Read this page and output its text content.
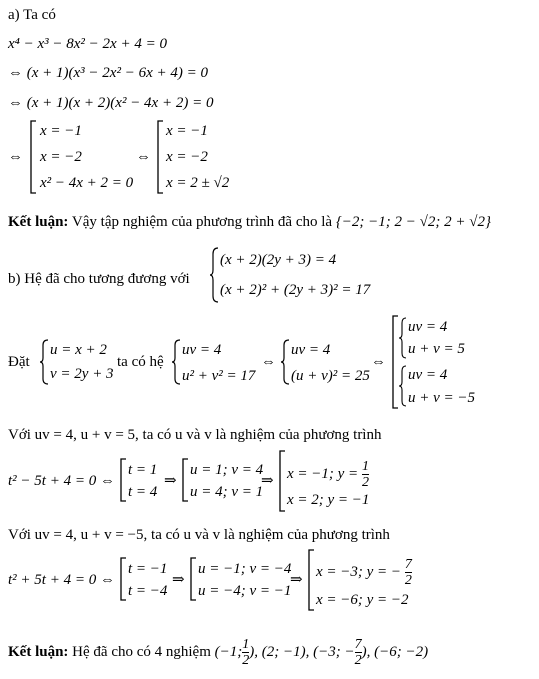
a) Ta có
x⁴ − x³ − 8x² − 2x + 4 = 0
⇔ (x + 1)(x³ − 2x² − 6x + 4) = 0
⇔ (x + 1)(x + 2)(x² − 4x + 2) = 0
⇔
x = −1
x = −2
x² − 4x + 2 = 0
⇔
x = −1
x = −2
x = 2 ± √2
Kết luận: Vậy tập nghiệm của phương trình đã cho là {−2; −1; 2 − √2; 2 + √2}
b) Hệ đã cho tương đương với
(x + 2)(2y + 3) = 4
(x + 2)² + (2y + 3)² = 17
Đặt
u = x + 2
v = 2y + 3
ta có hệ
uv = 4
u² + v² = 17
⇔
uv = 4
(u + v)² = 25
⇔
uv = 4
u + v = 5
uv = 4
u + v = −5
Với uv = 4, u + v = 5, ta có u và v là nghiệm của phương trình
t² − 5t + 4 = 0 ⇔
t = 1
t = 4
⇒
u = 1; v = 4
u = 4; v = 1
⇒ x = −1; $y = \frac{1}{2}$
x = 2; y = −1
Với uv = 4, u + v = −5, ta có u và v là nghiệm của phương trình
t² + 5t + 4 = 0 ⇔
t = −1
t = −4
⇒
u = −1; v = −4
u = −4; v = −1
⇒
x = −3; y = − $\frac{7}{2}$
x = −6; y = −2
Kết luận: Hệ đã cho có 4 nghiệm (−1; $\frac{1}{2}$ ), (2; −1), (−3; − $\frac{7}{2}$ ), (−6; −2)
